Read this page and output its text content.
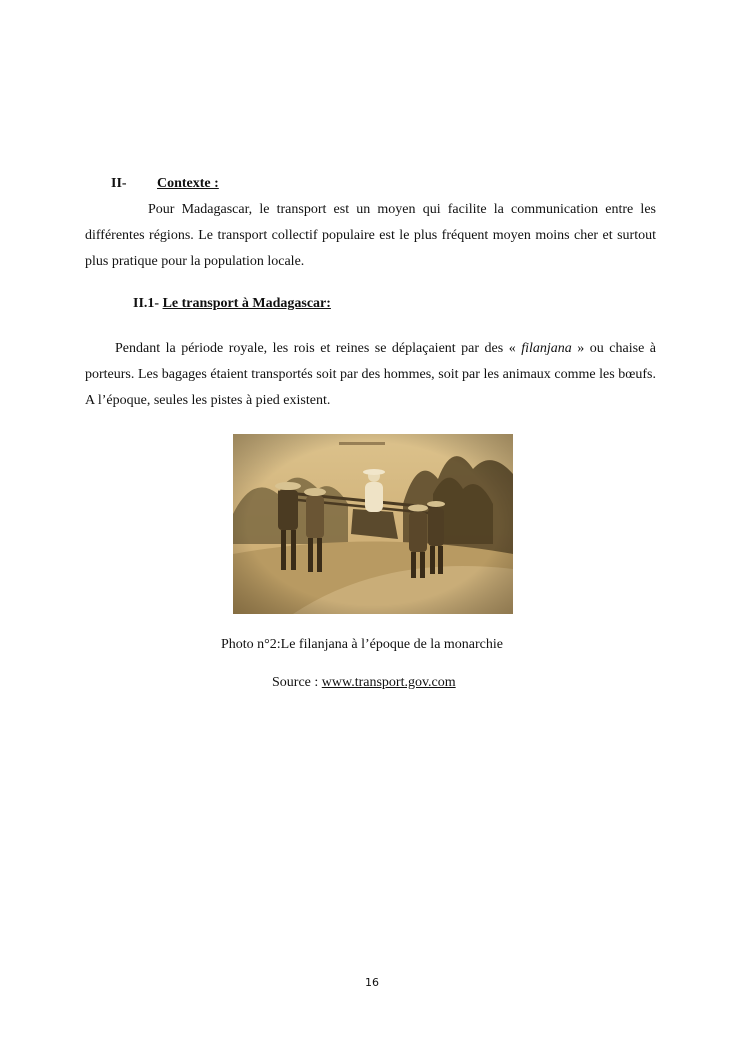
II- Contexte :

Pour Madagascar, le transport est un moyen qui facilite la communication entre les différentes régions. Le transport collectif populaire est le plus fréquent moyen moins cher et surtout plus pratique pour la population locale.

II.1- Le transport à Madagascar:

Pendant la période royale, les rois et reines se déplaçaient par des « filanjana » ou chaise à porteurs. Les bagages étaient transportés soit par des hommes, soit par les animaux comme les bœufs. A l’époque, seules les pistes à pied existent.

Photo n°2:Le filanjana à l’époque de la monarchie
Source : www.transport.gov.com
16
